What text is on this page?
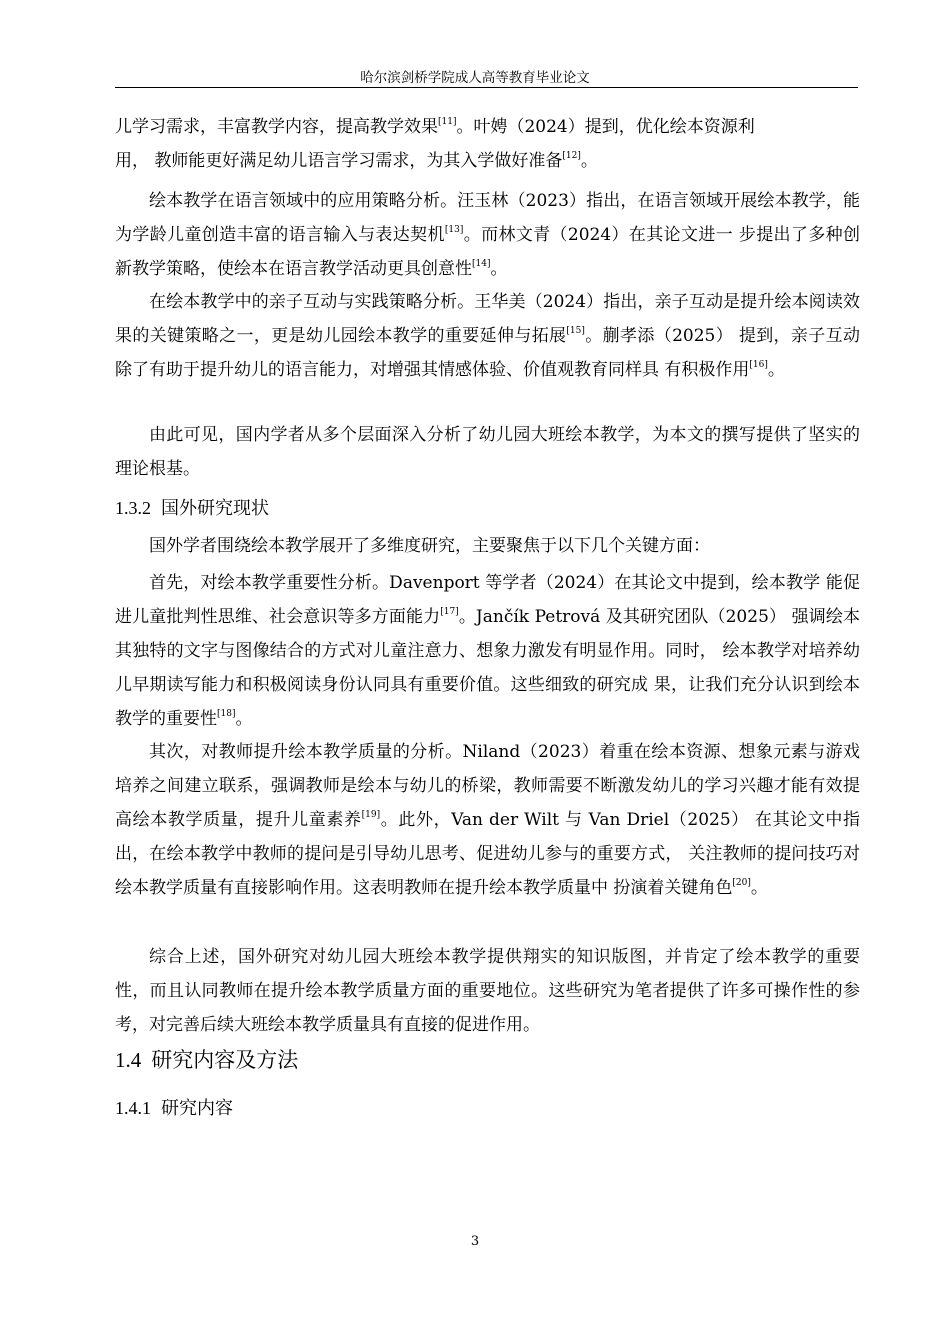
哈尔滨剑桥学院成人高等教育毕业论文

儿学习需求，丰富教学内容，提高教学效果[11]。叶娉（2024）提到，优化绘本资源利
用， 教师能更好满足幼儿语言学习需求，为其入学做好准备[12]。

绘本教学在语言领域中的应用策略分析。汪玉林（2023）指出，在语言领域开展绘本教学，能为学龄儿童创造丰富的语言输入与表达契机[13]。而林文青（2024）在其论文进一 步提出了多种创新教学策略，使绘本在语言教学活动更具创意性[14]。

在绘本教学中的亲子互动与实践策略分析。王华美（2024）指出，亲子互动是提升绘本阅读效果的关键策略之一，更是幼儿园绘本教学的重要延伸与拓展[15]。蒯孝添（2025） 提到，亲子互动除了有助于提升幼儿的语言能力，对增强其情感体验、价值观教育同样具 有积极作用[16]。

由此可见，国内学者从多个层面深入分析了幼儿园大班绘本教学，为本文的撰写提供了坚实的理论根基。

1.3.2 国外研究现状

国外学者围绕绘本教学展开了多维度研究，主要聚焦于以下几个关键方面：

首先，对绘本教学重要性分析。Davenport 等学者（2024）在其论文中提到，绘本教学 能促进儿童批判性思维、社会意识等多方面能力[17]。Jančík Petrová 及其研究团队（2025） 强调绘本其独特的文字与图像结合的方式对儿童注意力、想象力激发有明显作用。同时， 绘本教学对培养幼儿早期读写能力和积极阅读身份认同具有重要价值。这些细致的研究成 果，让我们充分认识到绘本教学的重要性[18]。

其次，对教师提升绘本教学质量的分析。Niland（2023）着重在绘本资源、想象元素与游戏培养之间建立联系，强调教师是绘本与幼儿的桥梁，教师需要不断激发幼儿的学习兴趣才能有效提高绘本教学质量，提升儿童素养[19]。此外，Van der Wilt 与 Van Driel（2025） 在其论文中指出，在绘本教学中教师的提问是引导幼儿思考、促进幼儿参与的重要方式， 关注教师的提问技巧对绘本教学质量有直接影响作用。这表明教师在提升绘本教学质量中 扮演着关键角色[20]。

综合上述，国外研究对幼儿园大班绘本教学提供翔实的知识版图，并肯定了绘本教学的重要性，而且认同教师在提升绘本教学质量方面的重要地位。这些研究为笔者提供了许多可操作性的参考，对完善后续大班绘本教学质量具有直接的促进作用。

1.4 研究内容及方法
1.4.1 研究内容
3
